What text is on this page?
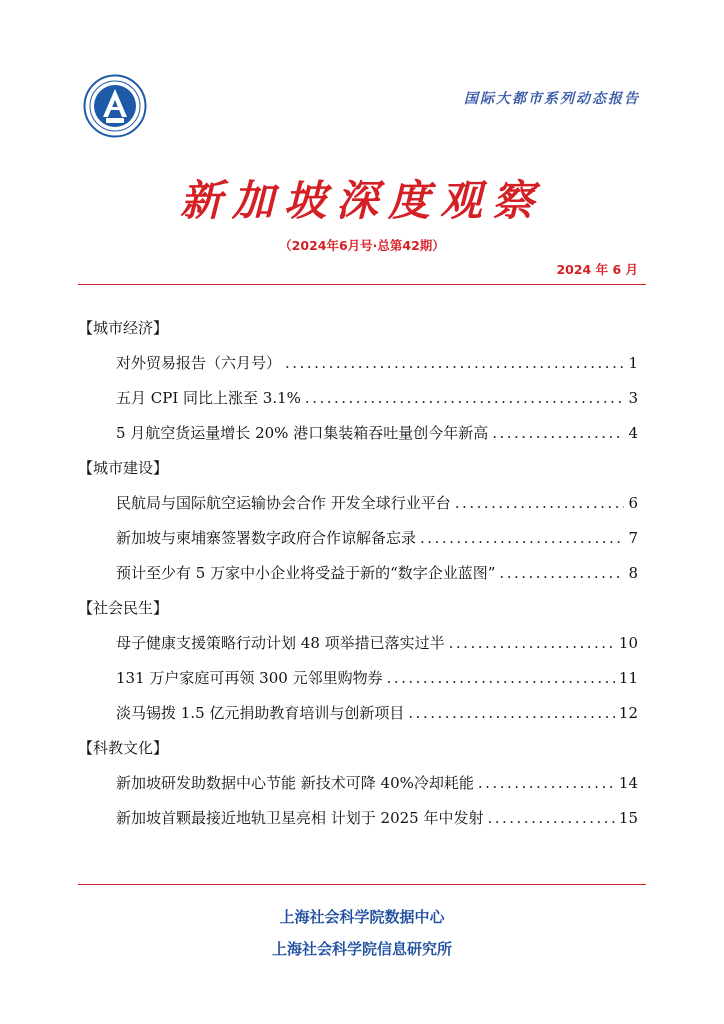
国际大都市系列动态报告
新加坡深度观察
（2024年6月号·总第42期）
2024 年 6 月
【城市经济】
对外贸易报告（六月号） .....	1
五月 CPI 同比上涨至 3.1% .....	3
5 月航空货运量增长 20% 港口集装箱吞吐量创今年新高 .....	4
【城市建设】
民航局与国际航空运输协会合作 开发全球行业平台 .....	6
新加坡与柬埔寨签署数字政府合作谅解备忘录 .....	7
预计至少有 5 万家中小企业将受益于新的“数字企业蓝图” .....	8
【社会民生】
母子健康支援策略行动计划 48 项举措已落实过半 .....	10
131 万户家庭可再领 300 元邻里购物券 .....	11
淡马锡拨 1.5 亿元捐助教育培训与创新项目 .....	12
【科教文化】
新加坡研发助数据中心节能 新技术可降 40%冷却耗能 .....	14
新加坡首颗最接近地轨卫星亮相 计划于 2025 年中发射 .....	15
上海社会科学院数据中心
上海社会科学院信息研究所
